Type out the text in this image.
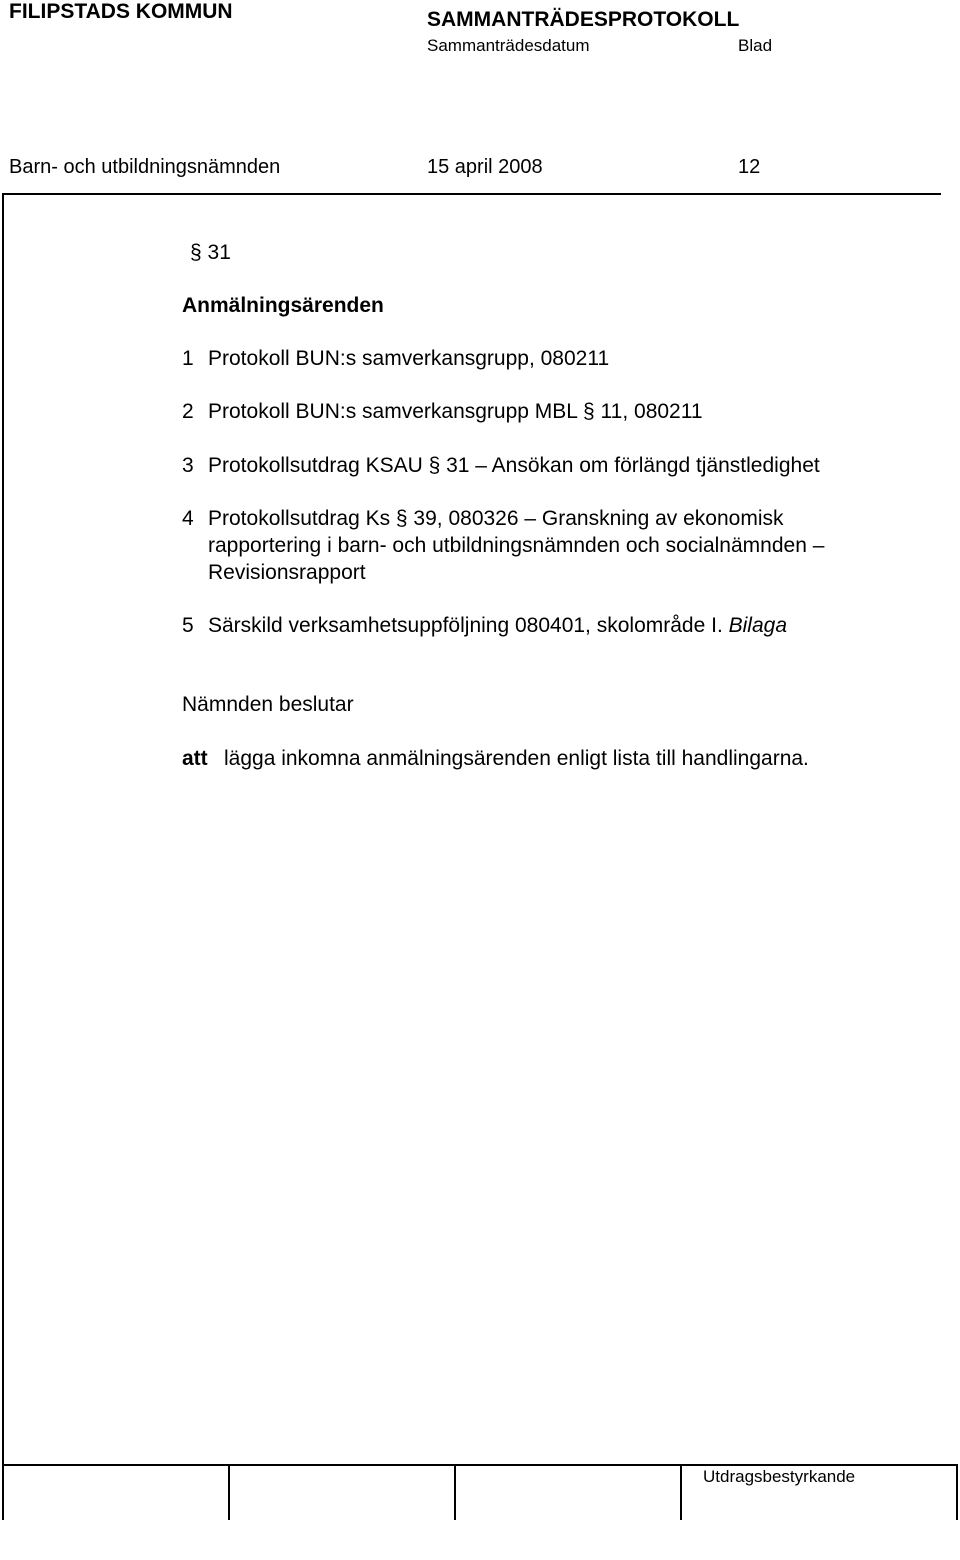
FILIPSTADS KOMMUN	SAMMANTRÄDESPROTOKOLL
Sammanträdesdatum	Blad
Barn- och utbildningsnämnden	15 april 2008	12
§ 31
Anmälningsärenden
1 Protokoll BUN:s samverkansgrupp, 080211
2 Protokoll BUN:s samverkansgrupp MBL § 11, 080211
3 Protokollsutdrag KSAU § 31 – Ansökan om förlängd tjänstledighet
4 Protokollsutdrag Ks § 39, 080326 – Granskning av ekonomisk
rapportering i barn- och utbildningsnämnden och socialnämnden –
Revisionsrapport
5 Särskild verksamhetsuppföljning 080401, skolområde I. Bilaga
Nämnden beslutar
att lägga inkomna anmälningsärenden enligt lista till handlingarna.
Utdragsbestyrkande
